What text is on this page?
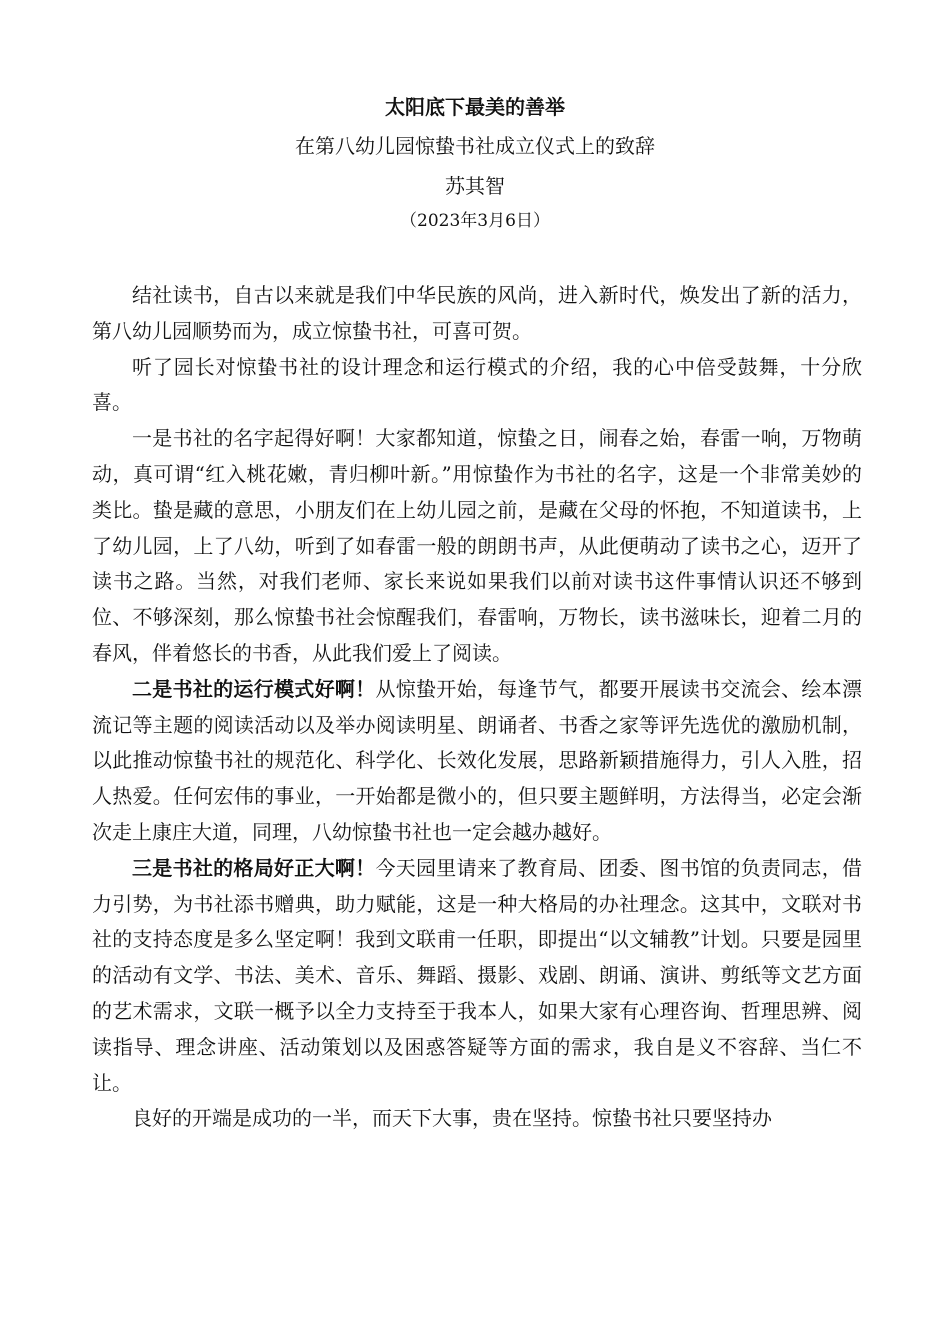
太阳底下最美的善举
在第八幼儿园惊蛰书社成立仪式上的致辞
苏其智
（2023年3月6日）

结社读书，自古以来就是我们中华民族的风尚，进入新时代，焕发出了新的活力，第八幼儿园顺势而为，成立惊蛰书社，可喜可贺。

听了园长对惊蛰书社的设计理念和运行模式的介绍，我的心中倍受鼓舞，十分欣喜。

一是书社的名字起得好啊！大家都知道，惊蛰之日，闹春之始，春雷一响，万物萌动，真可谓“红入桃花嫩，青归柳叶新。”用惊蛰作为书社的名字，这是一个非常美妙的类比。蛰是藏的意思，小朋友们在上幼儿园之前，是藏在父母的怀抱，不知道读书，上了幼儿园，上了八幼，听到了如春雷一般的朗朗书声，从此便萌动了读书之心，迈开了读书之路。当然，对我们老师、家长来说如果我们以前对读书这件事情认识还不够到位、不够深刻，那么惊蛰书社会惊醒我们，春雷响，万物长，读书滋味长，迎着二月的春风，伴着悠长的书香，从此我们爱上了阅读。

二是书社的运行模式好啊！从惊蛰开始，每逢节气，都要开展读书交流会、绘本漂流记等主题的阅读活动以及举办阅读明星、朗诵者、书香之家等评先选优的激励机制，以此推动惊蛰书社的规范化、科学化、长效化发展，思路新颖措施得力，引人入胜，招人热爱。任何宏伟的事业，一开始都是微小的，但只要主题鲜明，方法得当，必定会渐次走上康庄大道，同理，八幼惊蛰书社也一定会越办越好。

三是书社的格局好正大啊！今天园里请来了教育局、团委、图书馆的负责同志，借力引势，为书社添书赠典，助力赋能，这是一种大格局的办社理念。这其中，文联对书社的支持态度是多么坚定啊！我到文联甫一任职，即提出“以文辅教”计划。只要是园里的活动有文学、书法、美术、音乐、舞蹈、摄影、戏剧、朗诵、演讲、剪纸等文艺方面的艺术需求，文联一概予以全力支持至于我本人，如果大家有心理咨询、哲理思辨、阅读指导、理念讲座、活动策划以及困惑答疑等方面的需求，我自是义不容辞、当仁不让。

良好的开端是成功的一半，而天下大事，贵在坚持。惊蛰书社只要坚持办
